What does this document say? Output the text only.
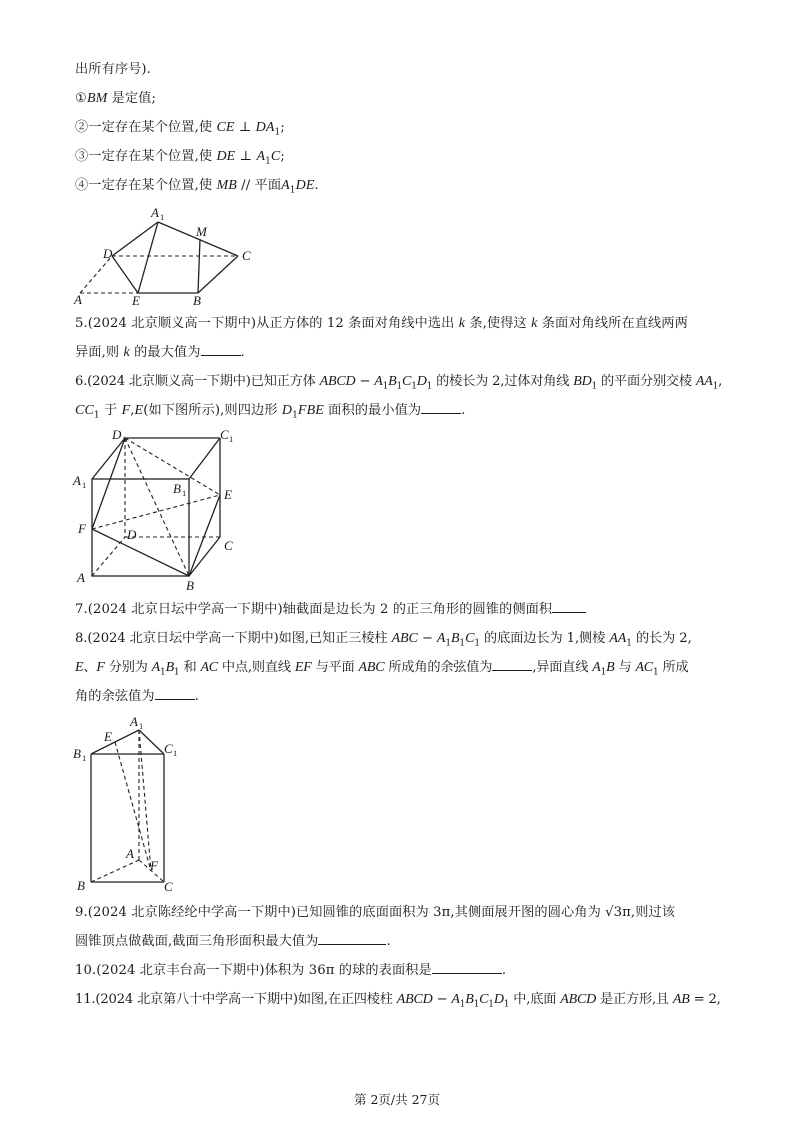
出所有序号).
①BM 是定值;
②一定存在某个位置,使 CE ⊥ $DA_1$;
③一定存在某个位置,使 DE ⊥ $A_1C$;
④一定存在某个位置,使 MB // 平面$A_1DE$.
A 1
M
D	C
A	E	B
5.(2024 北京顺义高一下期中)从正方体的 12 条面对角线中选出 k 条,使得这 k 条面对角线所在直线两两
异面,则 k 的最大值为	.
6.(2024 北京顺义高一下期中)已知正方体 ABCD − $A_1B_1C_1D_1$ 的棱长为 2,过体对角线 $BD_1$ 的平面分别交棱 $AA_1$,
$CC_1$ 于 F,E(如下图所示),则四边形 $D_1FBE$ 面积的最小值为	.
D 1	C 1
A 1	B 1	E
F	D
C
A
B
7.(2024 北京日坛中学高一下期中)轴截面是边长为 2 的正三角形的圆锥的侧面积
8.(2024 北京日坛中学高一下期中)如图,已知正三棱柱 ABC − $A_1B_1C_1$ 的底面边长为 1,侧棱 $AA_1$ 的长为 2,
E、F 分别为 $A_1B_1$ 和 AC 中点,则直线 EF 与平面 ABC 所成角的余弦值为	,异面直线 $A_1B$ 与 $AC_1$ 所成
角的余弦值为	.
A 1
E
B 1
C 1
A
F
B	C
9.(2024 北京陈经纶中学高一下期中)已知圆锥的底面面积为 3π,其侧面展开图的圆心角为 √3π,则过该
圆锥顶点做截面,截面三角形面积最大值为	.
10.(2024 北京丰台高一下期中)体积为 36π 的球的表面积是	.
11.(2024 北京第八十中学高一下期中)如图,在正四棱柱 ABCD − $A_1B_1C_1D_1$ 中,底面 ABCD 是正方形,且 AB = 2,
第 2页/共 27页
